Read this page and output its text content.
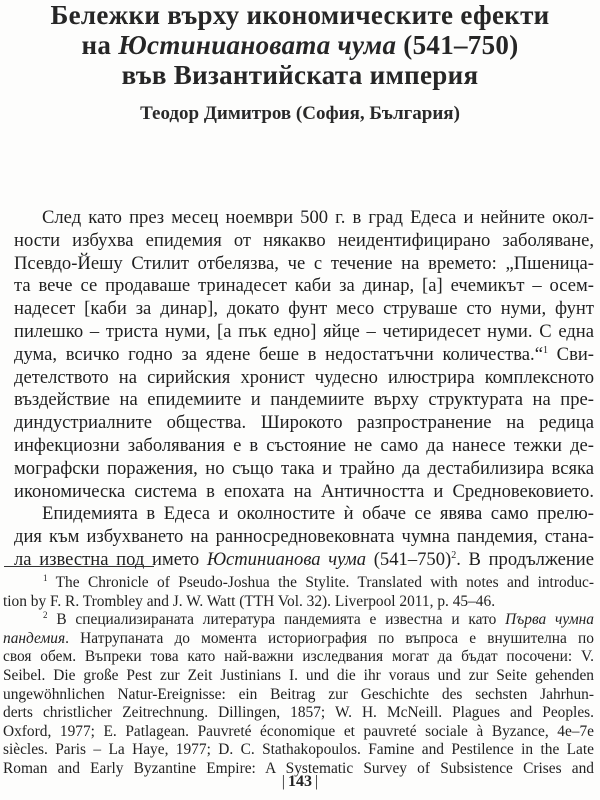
Бележки върху икономическите ефекти
на Юстиниановата чума (541–750)
във Византийската империя
Теодор Димитров (София, България)
След като през месец ноември 500 г. в град Едеса и нейните окол-
ности избухва епидемия от някакво неидентифицирано заболяване,
Псевдо-Йешу Стилит отбелязва, че с течение на времето: „Пшеница-
та вече се продаваше тринадесет каби за динар, [а] ечемикът – осем-
надесет [каби за динар], докато фунт месо струваше сто нуми, фунт
пилешко – триста нуми, [а пък едно] яйце – четиридесет нуми. С една
дума, всичко годно за ядене беше в недостатъчни количества.“$^1$ Сви-
детелството на сирийския хронист чудесно илюстрира комплексното
въздействие на епидемиите и пандемиите върху структурата на пре-
диндустриалните общества. Широкото разпространение на редица
инфекциозни заболявания е в състояние не само да нанесе тежки де-
мографски поражения, но също така и трайно да дестабилизира всяка
икономическа система в епохата на Античността и Средновековието.
Епидемията в Едеса и околностите ѝ обаче се явява само прелю-
дия към избухването на ранносредновековната чумна пандемия, стана-
ла известна под името Юстинианова чума $(541-750)^2$. В продължение
$^1$ The Chronicle of Pseudo-Joshua the Stylite. Translated with notes and introduc-
tion by F. R. Trombley and J. W. Watt (TTH Vol. 32). Liverpool 2011, p. 45–46.
$^2$ В специализираната литература пандемията е известна и като Първа чумна
пандемия. Натрупаната до момента историография по въпроса е внушителна по
своя обем. Въпреки това като най-важни изследвания могат да бъдат посочени: V.
Seibel. Die große Pest zur Zeit Justinians I. und die ihr voraus und zur Seite gehenden
ungewöhnlichen Natur-Ereignisse: ein Beitrag zur Geschichte des sechsten Jahrhun-
derts christlicher Zeitrechnung. Dillingen, 1857; W. H. McNeill. Plagues and Peoples.
Oxford, 1977; E. Patlagean. Pauvreté économique et pauvreté sociale à Byzance, 4e–7e
siècles. Paris – La Haye, 1977; D. C. Stathakopoulos. Famine and Pestilence in the Late
Roman and Early Byzantine Empire: A Systematic Survey of Subsistence Crises and
| 143 |
